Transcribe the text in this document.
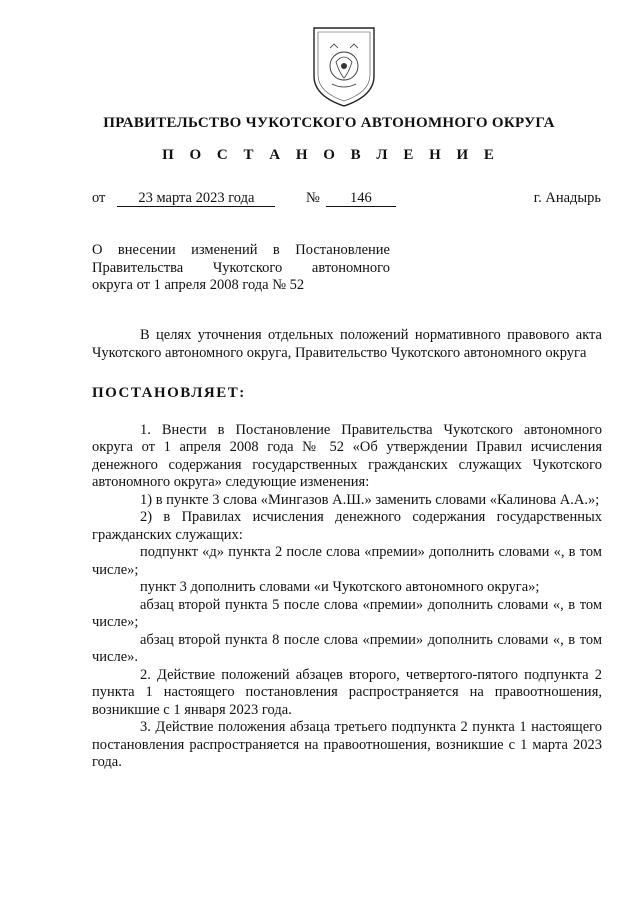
ПРАВИТЕЛЬСТВО ЧУКОТСКОГО АВТОНОМНОГО ОКРУГА
П О С Т А Н О В Л Е Н И Е
от 23 марта 2023 года	№ 146	г. Анадырь
О внесении изменений в Постановление
Правительства Чукотского автономного
округа от 1 апреля 2008 года № 52

В целях уточнения отдельных положений нормативного правового акта Чукотского автономного округа, Правительство Чукотского автономного округа

ПОСТАНОВЛЯЕТ:

1. Внести в Постановление Правительства Чукотского автономного округа от 1 апреля 2008 года № 52 «Об утверждении Правил исчисления денежного содержания государственных гражданских служащих Чукотского автономного округа» следующие изменения:

1) в пункте 3 слова «Мингазов А.Ш.» заменить словами «Калинова А.А.»;

2) в Правилах исчисления денежного содержания государственных гражданских служащих:

подпункт «д» пункта 2 после слова «премии» дополнить словами «, в том числе»;

пункт 3 дополнить словами «и Чукотского автономного округа»;

абзац второй пункта 5 после слова «премии» дополнить словами «, в том числе»;

абзац второй пункта 8 после слова «премии» дополнить словами «, в том числе».

2. Действие положений абзацев второго, четвертого-пятого подпункта 2 пункта 1 настоящего постановления распространяется на правоотношения, возникшие с 1 января 2023 года.

3. Действие положения абзаца третьего подпункта 2 пункта 1 настоящего постановления распространяется на правоотношения, возникшие с 1 марта 2023 года.
